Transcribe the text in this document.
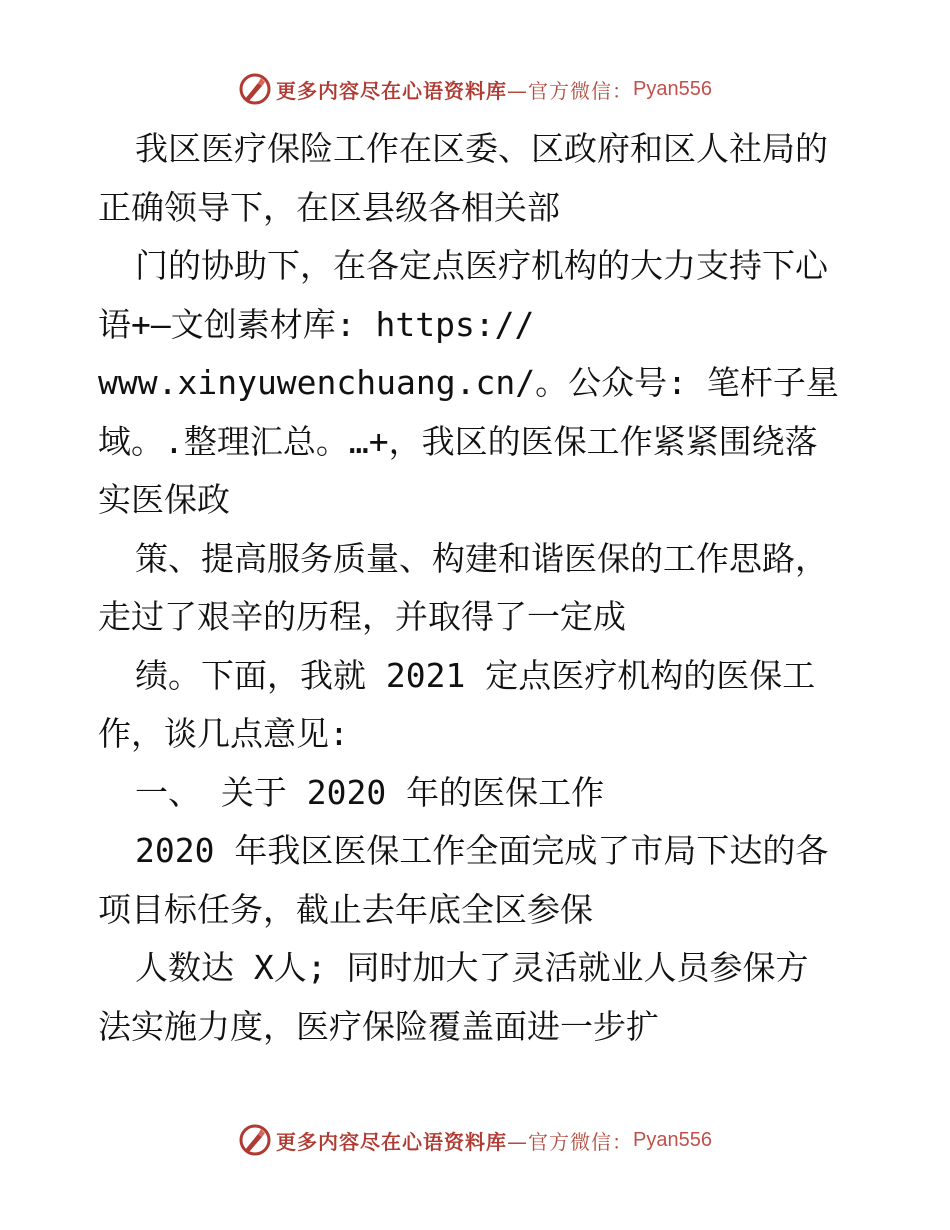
更多内容尽在心语资料库 —官方微信： Pyan556
我区医疗保险工作在区委、区政府和区人社局的
正确领导下，在区县级各相关部
门的协助下，在各定点医疗机构的大力支持下心
语+—文创素材库: https://
www.xinyuwenchuang.cn/。公众号: 笔杆子星
域。.整理汇总。…+，我区的医保工作紧紧围绕落
实医保政
策、提高服务质量、构建和谐医保的工作思路，
走过了艰辛的历程，并取得了一定成
绩。下面，我就 2021 定点医疗机构的医保工
作，谈几点意见:
一、 关于 2020 年的医保工作
2020 年我区医保工作全面完成了市局下达的各
项目标任务，截止去年底全区参保
人数达 X人; 同时加大了灵活就业人员参保方
法实施力度，医疗保险覆盖面进一步扩
更多内容尽在心语资料库 —官方微信： Pyan556
